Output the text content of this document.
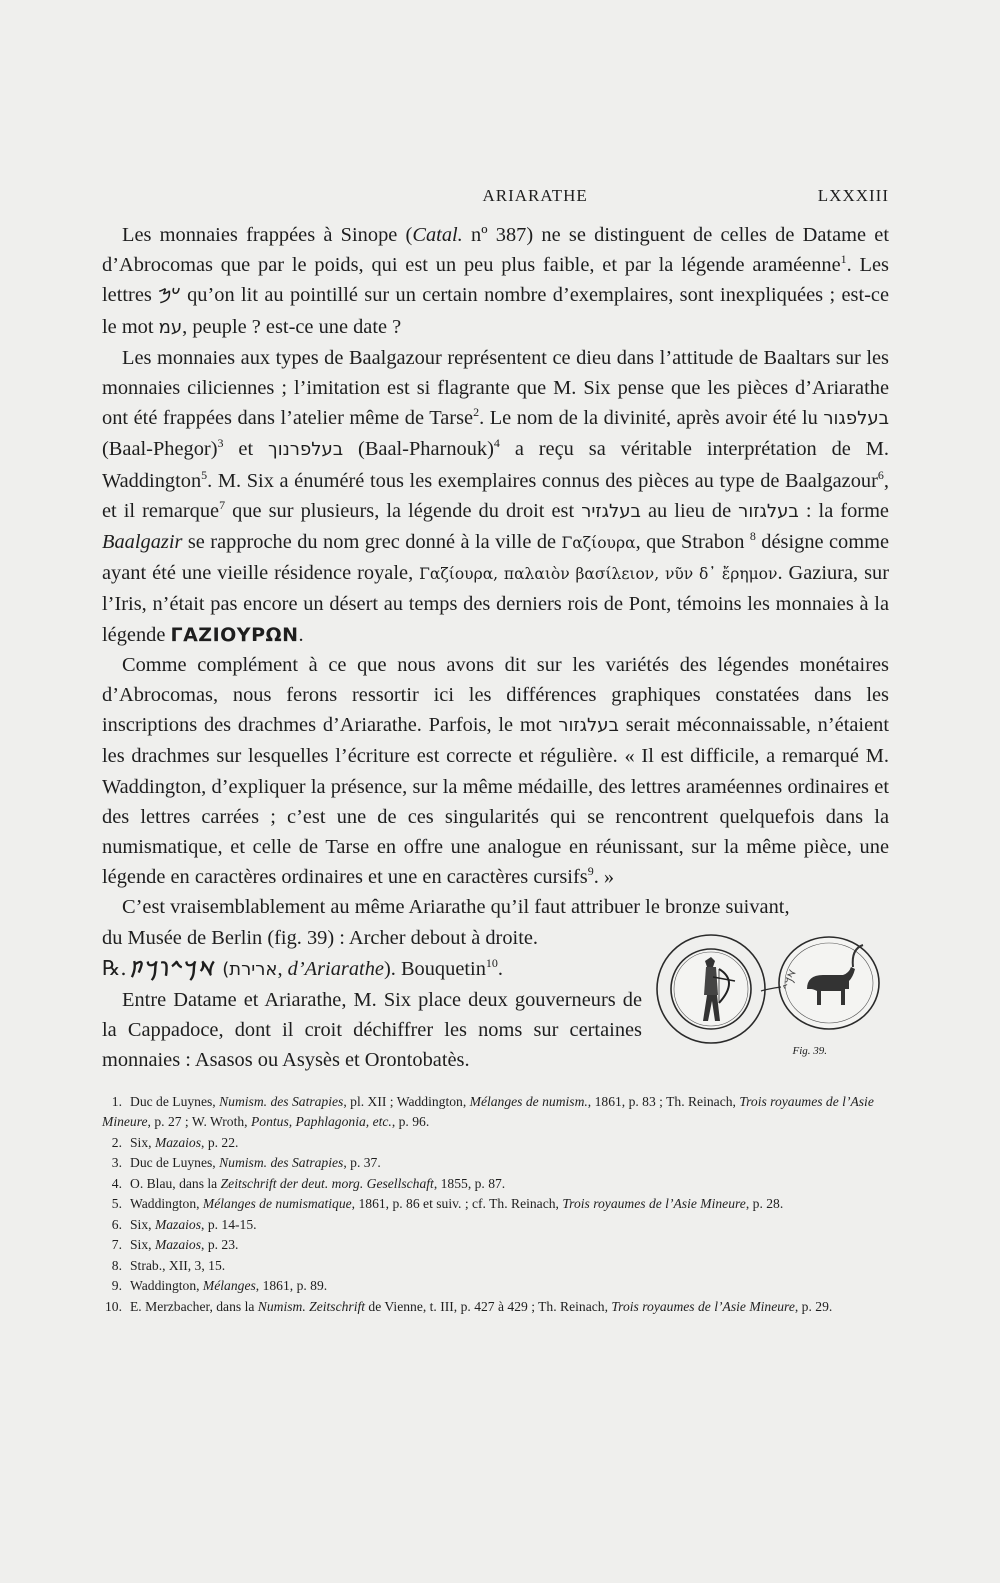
ARIARATHE	LXXXIII

Les monnaies frappées à Sinope (Catal. nº 387) ne se distinguent de celles de Datame et d’Abrocomas que par le poids, qui est un peu plus faible, et par la légende araméenne$^1$. Les lettres 𐡏𐡎 qu’on lit au pointillé sur un certain nombre d’exemplaires, sont inexpliquées ; est-ce le mot עמ, peuple ? est-ce une date ?

Les monnaies aux types de Baalgazour représentent ce dieu dans l’attitude de Baaltars sur les monnaies ciliciennes ; l’imitation est si flagrante que M. Six pense que les pièces d’Ariarathe ont été frappées dans l’atelier même de Tarse$^2$. Le nom de la divinité, après avoir été lu בעלפגור (Baal-Phegor)$^3$ et בעלפרנוך (Baal-Pharnouk)$^4$ a reçu sa véritable interprétation de M. Waddington$^5$. M. Six a énuméré tous les exemplaires connus des pièces au type de Baalgazour$^6$, et il remarque$^7$ que sur plusieurs, la légende du droit est בעלגזיר au lieu de בעלגזור : la forme Baalgazir se rapproche du nom grec donné à la ville de Γαζίουρα, que Strabon $^8$ désigne comme ayant été une vieille résidence royale, Γαζίουρα, παλαιὸν βασίλειον, νῦν δ᾽ ἔρημον. Gaziura, sur l’Iris, n’était pas encore un désert au temps des derniers rois de Pont, témoins les monnaies à la légende ΓΑΖΙΟΥΡΩΝ.

Comme complément à ce que nous avons dit sur les variétés des légendes monétaires d’Abrocomas, nous ferons ressortir ici les différences graphiques constatées dans les inscriptions des drachmes d’Ariarathe. Parfois, le mot בעלגזור serait méconnaissable, n’étaient les drachmes sur lesquelles l’écriture est correcte et régulière. « Il est difficile, a remarqué M. Waddington, d’expliquer la présence, sur la même médaille, des lettres araméennes ordinaires et des lettres carrées ; c’est une de ces singularités qui se rencontrent quelquefois dans la numismatique, et celle de Tarse en offre une analogue en réunissant, sur la même pièce, une légende en caractères ordinaires et une en caractères cursifs$^9$. »

C’est vraisemblablement au même Ariarathe qu’il faut attribuer le bronze suivant,

du Musée de Berlin (fig. 39) : Archer debout à droite.
℞. 𐡀𐡓𐡉𐡅𐡓𐡕 (ארירת, d’Ariarathe). Bouquetin$^{10}$.

Entre Datame et Ariarathe, M. Six place deux gouverneurs de la Cappadoce, dont il croit déchiffrer les noms sur certaines monnaies : Asasos ou Asysès et Orontobatès.

𐡀𐡓𐡉
Fig. 39.

1. Duc de Luynes, Numism. des Satrapies, pl. XII ; Waddington, Mélanges de numism., 1861, p. 83 ; Th. Reinach, Trois royaumes de l’Asie Mineure, p. 27 ; W. Wroth, Pontus, Paphlagonia, etc., p. 96.

2. Six, Mazaios, p. 22.

3. Duc de Luynes, Numism. des Satrapies, p. 37.

4. O. Blau, dans la Zeitschrift der deut. morg. Gesellschaft, 1855, p. 87.

5. Waddington, Mélanges de numismatique, 1861, p. 86 et suiv. ; cf. Th. Reinach, Trois royaumes de l’Asie Mineure, p. 28.

6. Six, Mazaios, p. 14-15.

7. Six, Mazaios, p. 23.

8. Strab., XII, 3, 15.

9. Waddington, Mélanges, 1861, p. 89.

10. E. Merzbacher, dans la Numism. Zeitschrift de Vienne, t. III, p. 427 à 429 ; Th. Reinach, Trois royaumes de l’Asie Mineure, p. 29.
